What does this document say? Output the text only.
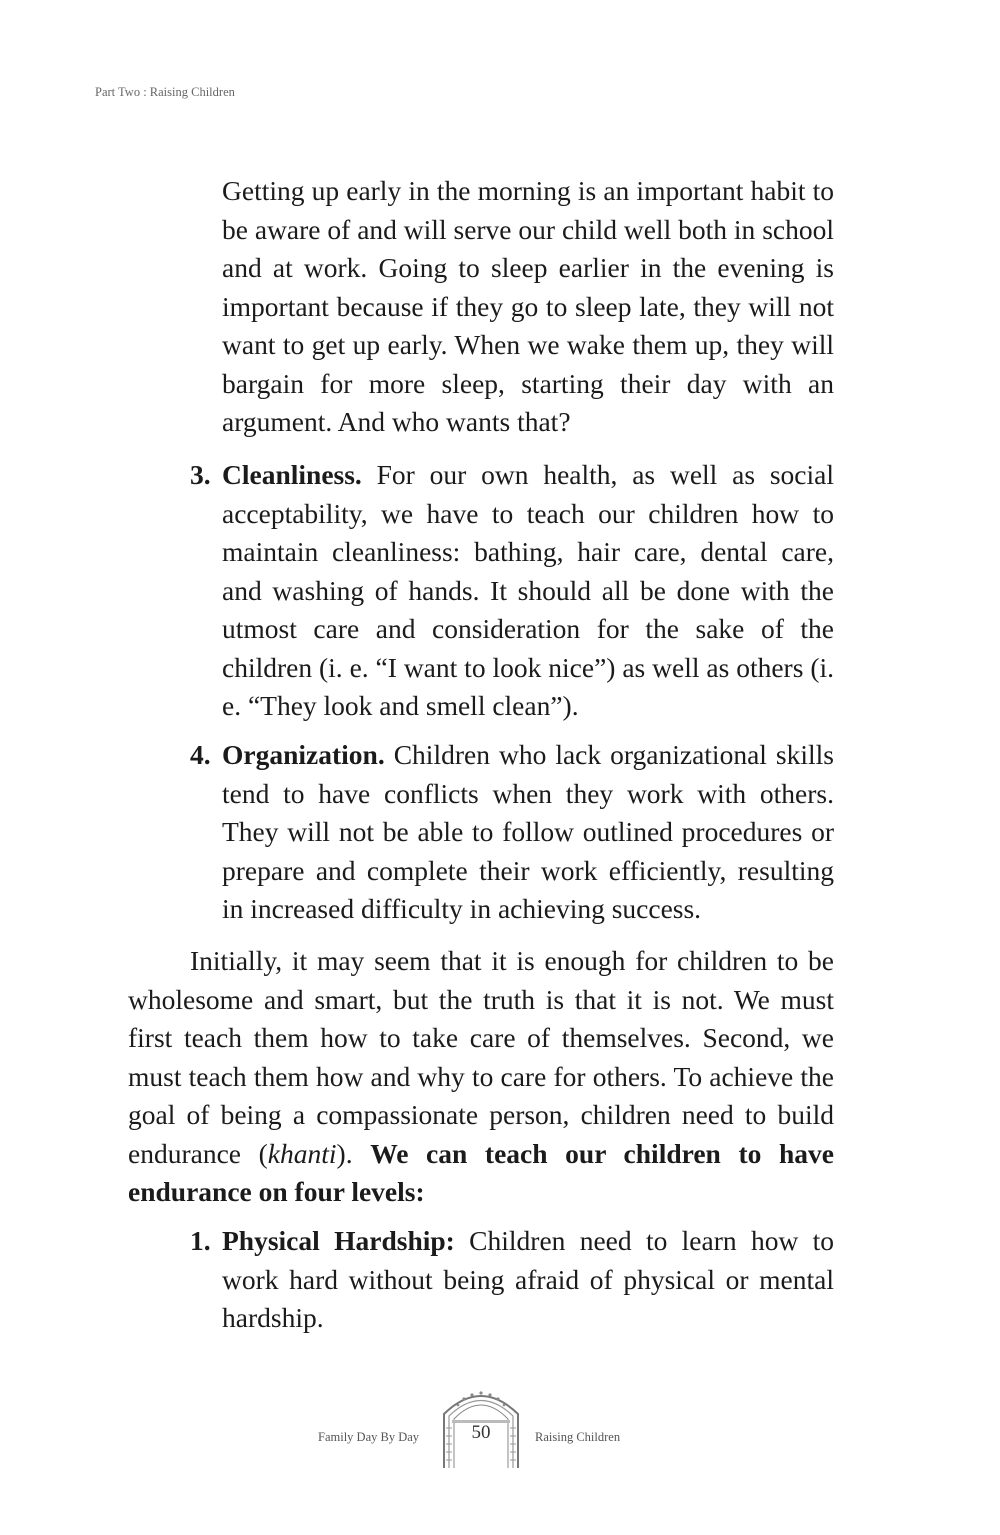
Part Two : Raising Children

Getting up early in the morning is an important habit to be aware of and will serve our child well both in school and at work. Going to sleep earlier in the evening is important because if they go to sleep late, they will not want to get up early. When we wake them up, they will bargain for more sleep, starting their day with an argument. And who wants that?

3. Cleanliness. For our own health, as well as social acceptability, we have to teach our children how to maintain cleanliness: bathing, hair care, dental care, and washing of hands. It should all be done with the utmost care and consideration for the sake of the children (i. e. “I want to look nice”) as well as others (i. e. “They look and smell clean”).
4. Organization. Children who lack organizational skills tend to have conflicts when they work with others. They will not be able to follow outlined procedures or prepare and complete their work efficiently, resulting in increased difficulty in achieving success.

Initially, it may seem that it is enough for children to be wholesome and smart, but the truth is that it is not. We must first teach them how to take care of themselves. Second, we must teach them how and why to care for others. To achieve the goal of being a compassionate person, children need to build endurance (khanti). We can teach our children to have endurance on four levels:

1. Physical Hardship: Children need to learn how to work hard without being afraid of physical or mental hardship.
Family Day By Day	50	Raising Children
